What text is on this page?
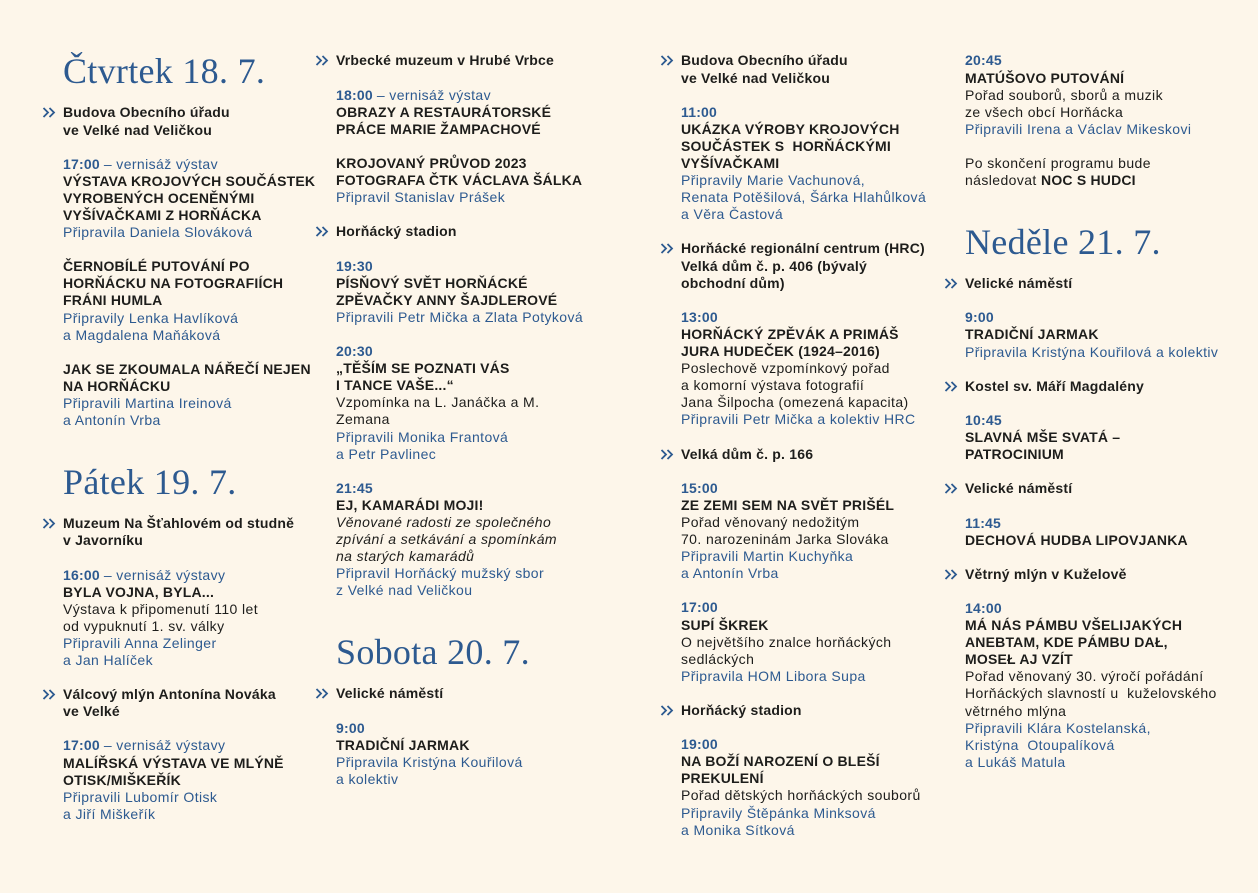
Čtvrtek 18. 7.
Budova Obecního úřadu
ve Velké nad Veličkou
17:00 – vernisáž výstav
VÝSTAVA KROJOVÝCH SOUČÁSTEK
VYROBENÝCH OCENĚNÝMI
VYŠÍVAČKAMI Z HORŇÁCKA
Připravila Daniela Slováková
ČERNOBÍLÉ PUTOVÁNÍ PO
HORŇÁCKU NA FOTOGRAFIÍCH
FRÁNI HUMLA
Připravily Lenka Havlíková
a Magdalena Maňáková
JAK SE ZKOUMALA NÁŘEČÍ NEJEN
NA HORŇÁCKU
Připravili Martina Ireinová
a Antonín Vrba
Pátek 19. 7.
Muzeum Na Šťahlovém od studně
v Javorníku
16:00 – vernisáž výstavy
BYLA VOJNA, BYLA...
Výstava k připomenutí 110 let
od vypuknutí 1. sv. války
Připravili Anna Zelinger
a Jan Halíček
Válcový mlýn Antonína Nováka
ve Velké
17:00 – vernisáž výstavy
MALÍŘSKÁ VÝSTAVA VE MLÝNĚ
OTISK/MIŠKEŘÍK
Připravili Lubomír Otisk
a Jiří Miškeřík
Vrbecké muzeum v Hrubé Vrbce
18:00 – vernisáž výstav
OBRAZY A RESTAURÁTORSKÉ
PRÁCE MARIE ŽAMPACHOVÉ
KROJOVANÝ PRŮVOD 2023
FOTOGRAFA ČTK VÁCLAVA ŠÁLKA
Připravil Stanislav Prášek
Horňácký stadion
19:30
PÍSŇOVÝ SVĚT HORŇÁCKÉ
ZPĚVAČKY ANNY ŠAJDLEROVÉ
Připravili Petr Mička a Zlata Potyková
20:30
„TĚŠÍM SE POZNATI VÁS
I TANCE VAŠE...“
Vzpomínka na L. Janáčka a M.
Zemana
Připravili Monika Frantová
a Petr Pavlinec
21:45
EJ, KAMARÁDI MOJI!
Věnované radosti ze společného
zpívání a setkávání a spomínkám
na starých kamarádů
Připravil Horňácký mužský sbor
z Velké nad Veličkou
Sobota 20. 7.
Velické náměstí
9:00
TRADIČNÍ JARMAK
Připravila Kristýna Kouřilová
a kolektiv
Budova Obecního úřadu
ve Velké nad Veličkou
11:00
UKÁZKA VÝROBY KROJOVÝCH
SOUČÁSTEK S  HORŇÁCKÝMI
VYŠÍVAČKAMI
Připravily Marie Vachunová,
Renata Potěšilová, Šárka Hlahůlková
a Věra Častová
Horňácké regionální centrum (HRC)
Velká dům č. p. 406 (bývalý
obchodní dům)
13:00
HORŇÁCKÝ ZPĚVÁK A PRIMÁŠ
JURA HUDEČEK (1924–2016)
Poslechově vzpomínkový pořad
a komorní výstava fotografií
Jana Šilpocha (omezená kapacita)
Připravili Petr Mička a kolektiv HRC
Velká dům č. p. 166
15:00
ZE ZEMI SEM NA SVĚT PRIŠÉL
Pořad věnovaný nedožitým
70. narozeninám Jarka Slováka
Připravili Martin Kuchyňka
a Antonín Vrba
17:00
SUPÍ ŠKREK
O největšího znalce horňáckých
sedláckých
Připravila HOM Libora Supa
Horňácký stadion
19:00
NA BOŽÍ NAROZENÍ O BLEŠÍ
PREKULENÍ
Pořad dětských horňáckých souborů
Připravily Štěpánka Minksová
a Monika Sítková
20:45
MATÚŠOVO PUTOVÁNÍ
Pořad souborů, sborů a muzik
ze všech obcí Horňácka
Připravili Irena a Václav Mikeskovi
Po skončení programu bude
následovat NOC S HUDCI
Neděle 21. 7.
Velické náměstí
9:00
TRADIČNÍ JARMAK
Připravila Kristýna Kouřilová a kolektiv
Kostel sv. Máří Magdalény
10:45
SLAVNÁ MŠE SVATÁ –
PATROCINIUM
Velické náměstí
11:45
DECHOVÁ HUDBA LIPOVJANKA
Větrný mlýn v Kuželově
14:00
MÁ NÁS PÁMBU VŠELIJAKÝCH
ANEBTAM, KDE PÁMBU DAŁ,
MOSEŁ AJ VZÍT
Pořad věnovaný 30. výročí pořádání
Horňáckých slavností u  kuželovského
větrného mlýna
Připravili Klára Kostelanská,
Kristýna  Otoupalíková
a Lukáš Matula
